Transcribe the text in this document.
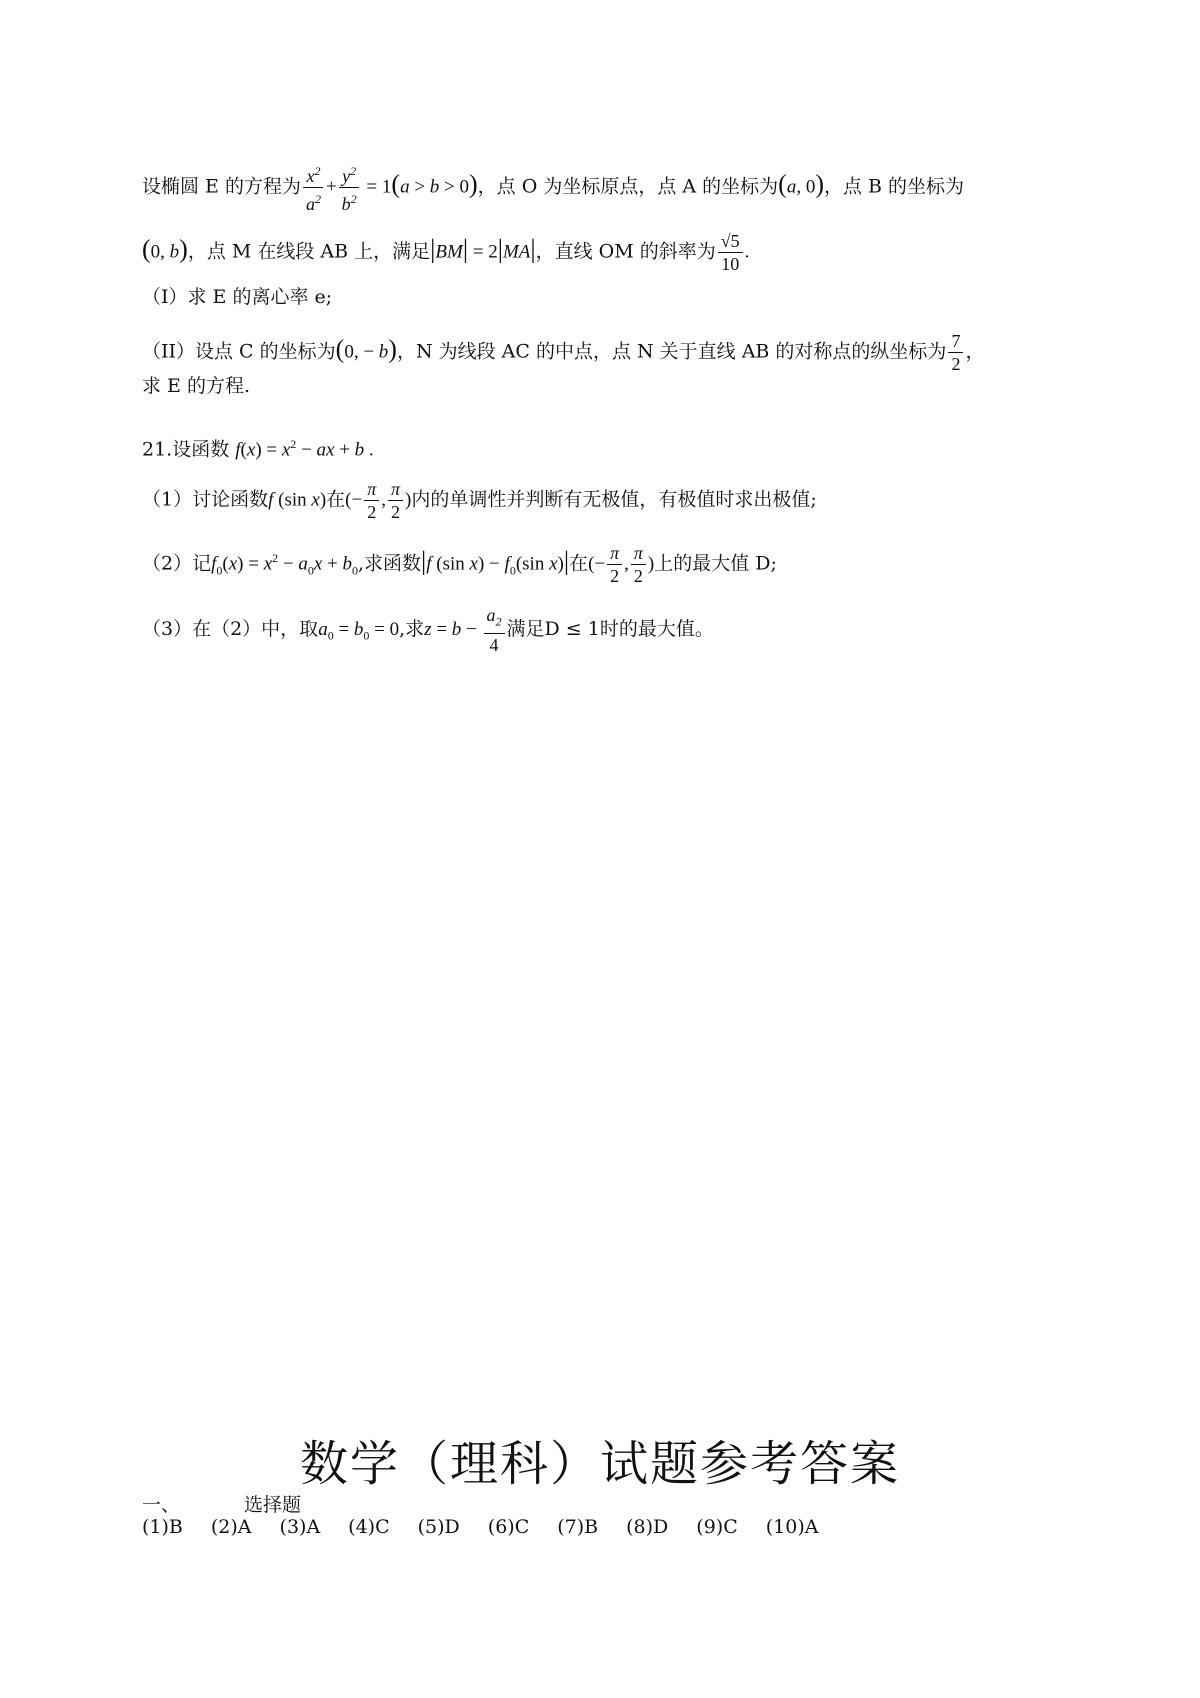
设椭圆 E 的方程为 $\frac{x^2}{a^2} + \frac{y^2}{b^2} = 1(a > b > 0)$，点 O 为坐标原点，点 A 的坐标为(a, 0)，点 B 的坐标为
(0, b)，点 M 在线段 AB 上，满足|BM| = 2|MA|，直线 OM 的斜率为 $\frac{√5}{10}$ .
（I）求 E 的离心率 e;
（II）设点 C 的坐标为(0, − b)，N 为线段 AC 的中点，点 N 关于直线 AB 的对称点的纵坐标为 $\frac{7}{2}$ ，
求 E 的方程.
21.设函数 $f(x) = x^2$ − ax + b .
（1）讨论函数f (sin x)在(− $\frac{\pi}{2}$ , $\frac{\pi}{2}$ )内的单调性并判断有无极值，有极值时求出极值;
（2）记$f_0(x) = x^2 - a_0x + b_0$,求函数|f (sin $x) - f_0(\sin$ x)|在(− $\frac{\pi}{2}$ , $\frac{\pi}{2}$ )上的最大值 D;
（3）在（2）中，取$a_0 = b_0 = 0$,求$z = b - \frac{a_2}{4}$ 满足D ≤ 1时的最大值。
数学（理科）试题参考答案
一、	选择题
(1)B (2)A (3)A (4)C (5)D (6)C (7)B (8)D (9)C (10)A
